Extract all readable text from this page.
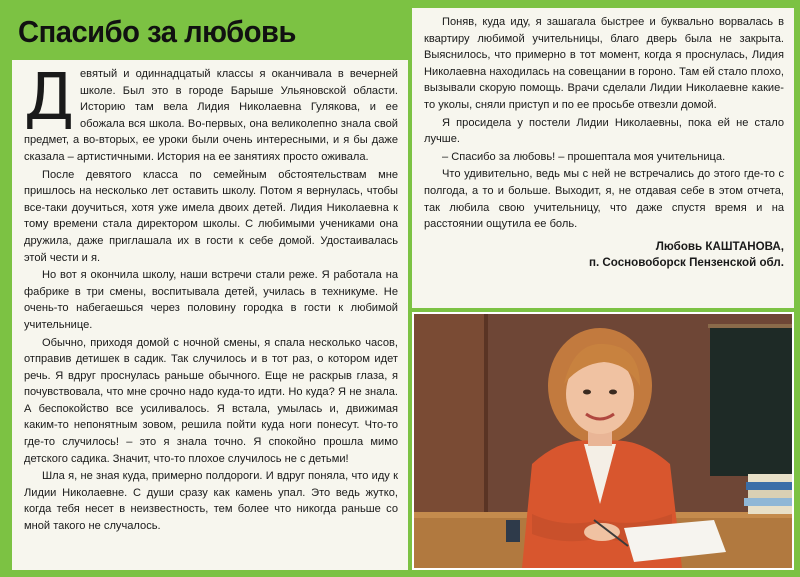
Спасибо за любовь

Девятый и одиннадцатый классы я оканчивала в вечерней школе. Был это в городе Барыше Ульяновской области. Историю там вела Лидия Николаевна Гулякова, и ее обожала вся школа. Во-первых, она великолепно знала свой предмет, а во-вторых, ее уроки были очень интересными, и я бы даже сказала – артистичными. История на ее занятиях просто оживала.

После девятого класса по семейным обстоятельствам мне пришлось на несколько лет оставить школу. Потом я вернулась, чтобы все-таки доучиться, хотя уже имела двоих детей. Лидия Николаевна к тому времени стала директором школы. С любимыми учениками она дружила, даже приглашала их в гости к себе домой. Удостаивалась этой чести и я.

Но вот я окончила школу, наши встречи стали реже. Я работала на фабрике в три смены, воспитывала детей, училась в техникуме. Не очень-то набегаешься через половину городка в гости к любимой учительнице.

Обычно, приходя домой с ночной смены, я спала несколько часов, отправив детишек в садик. Так случилось и в тот раз, о котором идет речь. Я вдруг проснулась раньше обычного. Еще не раскрыв глаза, я почувствовала, что мне срочно надо куда-то идти. Но куда? Я не знала. А беспокойство все усиливалось. Я встала, умылась и, движимая каким-то непонятным зовом, решила пойти куда ноги понесут. Что-то где-то случилось! – это я знала точно. Я спокойно прошла мимо детского садика. Значит, что-то плохое случилось не с детьми!

Шла я, не зная куда, примерно полдороги. И вдруг поняла, что иду к Лидии Николаевне. С души сразу как камень упал. Это ведь жутко, когда тебя несет в неизвестность, тем более что никогда раньше со мной такого не случалось.

Поняв, куда иду, я зашагала быстрее и буквально ворвалась в квартиру любимой учительницы, благо дверь была не закрыта. Выяснилось, что примерно в тот момент, когда я проснулась, Лидия Николаевна находилась на совещании в гороно. Там ей стало плохо, вызывали скорую помощь. Врачи сделали Лидии Николаевне какие-то уколы, сняли приступ и по ее просьбе отвезли домой.

Я просидела у постели Лидии Николаевны, пока ей не стало лучше.

– Спасибо за любовь! – прошептала моя учительница.

Что удивительно, ведь мы с ней не встречались до этого где-то с полгода, а то и больше. Выходит, я, не отдавая себе в этом отчета, так любила свою учительницу, что даже спустя время и на расстоянии ощутила ее боль.

Любовь КАШТАНОВА,
п. Сосновоборск Пензенской обл.
